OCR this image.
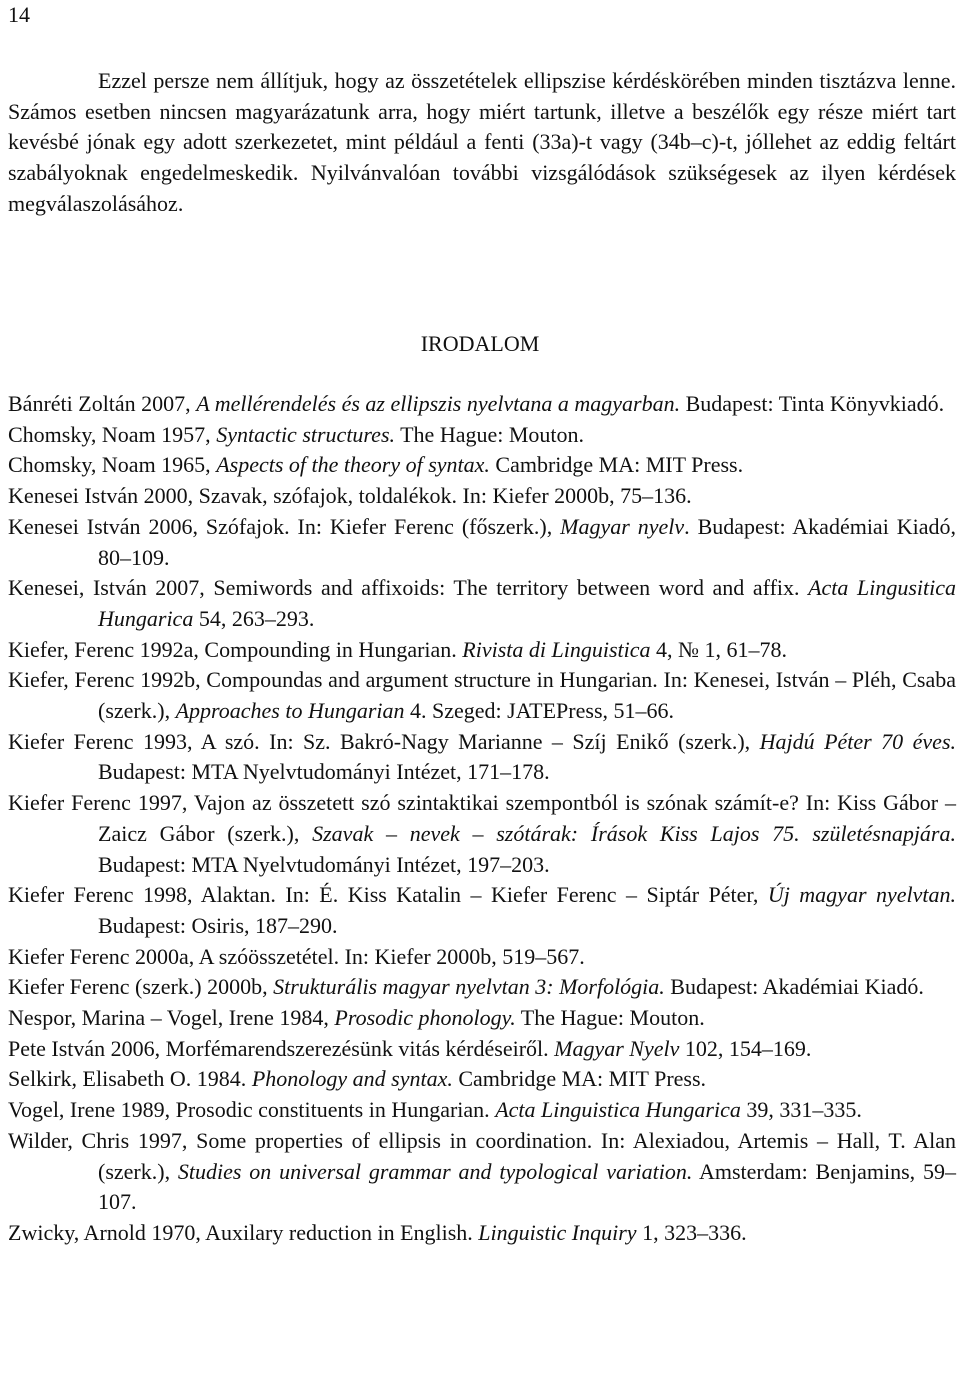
14

Ezzel persze nem állítjuk, hogy az összetételek ellipszise kérdéskörében minden tisztázva lenne. Számos esetben nincsen magyarázatunk arra, hogy miért tartunk, illetve a beszélők egy része miért tart kevésbé jónak egy adott szerkezetet, mint például a fenti (33a)-t vagy (34b–c)-t, jóllehet az eddig feltárt szabályoknak engedelmeskedik. Nyilvánvalóan további vizsgálódások szükségesek az ilyen kérdések megválaszolásához.

IRODALOM
Bánréti Zoltán 2007, A mellérendelés és az ellipszis nyelvtana a magyarban. Budapest: Tinta Könyvkiadó.
Chomsky, Noam 1957, Syntactic structures. The Hague: Mouton.
Chomsky, Noam 1965, Aspects of the theory of syntax. Cambridge MA: MIT Press.
Kenesei István 2000, Szavak, szófajok, toldalékok. In: Kiefer 2000b, 75–136.
Kenesei István 2006, Szófajok. In: Kiefer Ferenc (főszerk.), Magyar nyelv. Budapest: Akadémiai Kiadó, 80–109.
Kenesei, István 2007, Semiwords and affixoids: The territory between word and affix. Acta Lingusitica Hungarica 54, 263–293.
Kiefer, Ferenc 1992a, Compounding in Hungarian. Rivista di Linguistica 4, № 1, 61–78.
Kiefer, Ferenc 1992b, Compoundas and argument structure in Hungarian. In: Kenesei, István – Pléh, Csaba (szerk.), Approaches to Hungarian 4. Szeged: JATEPress, 51–66.
Kiefer Ferenc 1993, A szó. In: Sz. Bakró-Nagy Marianne – Szíj Enikő (szerk.), Hajdú Péter 70 éves. Budapest: MTA Nyelvtudományi Intézet, 171–178.
Kiefer Ferenc 1997, Vajon az összetett szó szintaktikai szempontból is szónak számít-e? In: Kiss Gábor – Zaicz Gábor (szerk.), Szavak – nevek – szótárak: Írások Kiss Lajos 75. születésnapjára. Budapest: MTA Nyelvtudományi Intézet, 197–203.
Kiefer Ferenc 1998, Alaktan. In: É. Kiss Katalin – Kiefer Ferenc – Siptár Péter, Új magyar nyelvtan. Budapest: Osiris, 187–290.
Kiefer Ferenc 2000a, A szóösszetétel. In: Kiefer 2000b, 519–567.
Kiefer Ferenc (szerk.) 2000b, Strukturális magyar nyelvtan 3: Morfológia. Budapest: Akadémiai Kiadó.
Nespor, Marina – Vogel, Irene 1984, Prosodic phonology. The Hague: Mouton.
Pete István 2006, Morfémarendszerezésünk vitás kérdéseiről. Magyar Nyelv 102, 154–169.
Selkirk, Elisabeth O. 1984. Phonology and syntax. Cambridge MA: MIT Press.
Vogel, Irene 1989, Prosodic constituents in Hungarian. Acta Linguistica Hungarica 39, 331–335.
Wilder, Chris 1997, Some properties of ellipsis in coordination. In: Alexiadou, Artemis – Hall, T. Alan (szerk.), Studies on universal grammar and typological variation. Amsterdam: Benjamins, 59–107.
Zwicky, Arnold 1970, Auxilary reduction in English. Linguistic Inquiry 1, 323–336.
